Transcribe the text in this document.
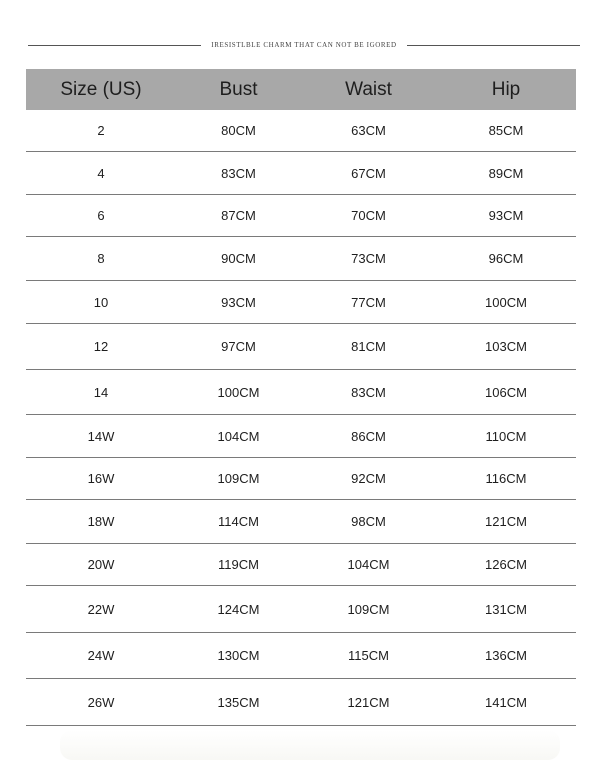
IRESISTLBLE CHARM THAT CAN NOT BE IGORED
Size (US)	Bust	Waist	Hip
2	80CM	63CM	85CM
4	83CM	67CM	89CM
6	87CM	70CM	93CM
8	90CM	73CM	96CM
10	93CM	77CM	100CM
12	97CM	81CM	103CM
14	100CM	83CM	106CM
14W	104CM	86CM	110CM
16W	109CM	92CM	116CM
18W	114CM	98CM	121CM
20W	119CM	104CM	126CM
22W	124CM	109CM	131CM
24W	130CM	115CM	136CM
26W	135CM	121CM	141CM
